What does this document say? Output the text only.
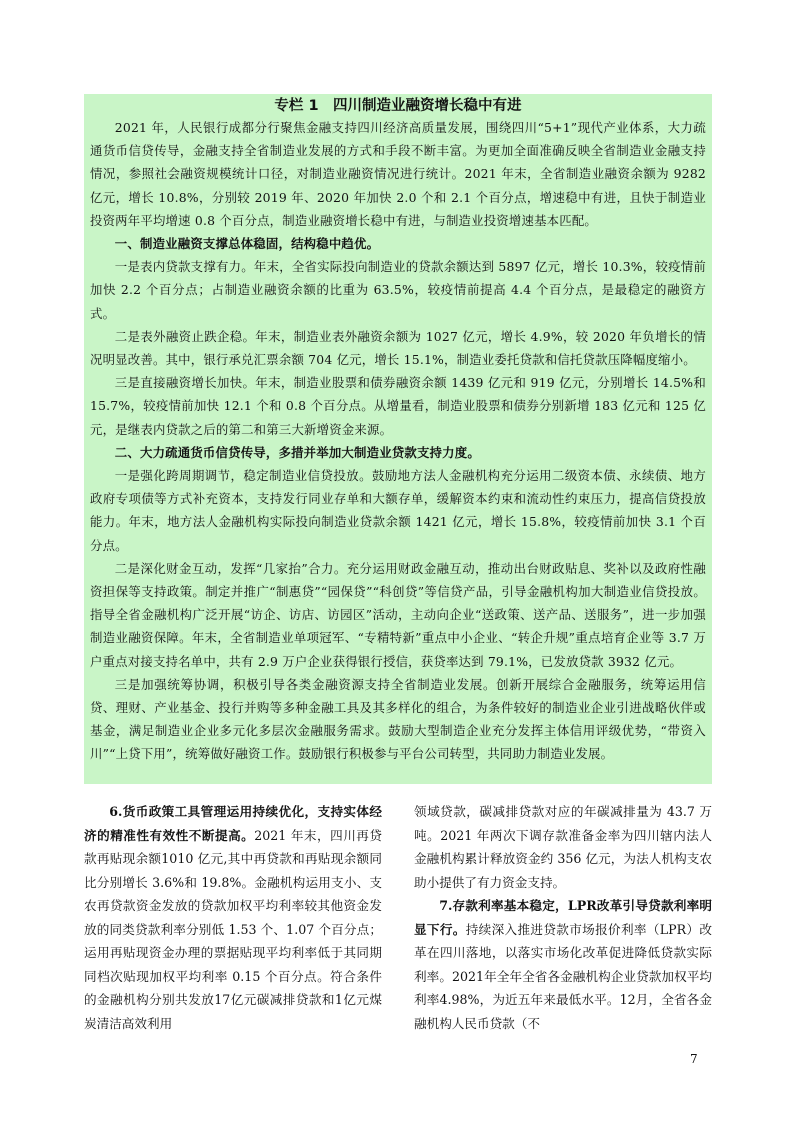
专栏 1　四川制造业融资增长稳中有进

2021 年，人民银行成都分行聚焦金融支持四川经济高质量发展，围绕四川“5+1”现代产业体系，大力疏通货币信贷传导，金融支持全省制造业发展的方式和手段不断丰富。为更加全面准确反映全省制造业金融支持情况，参照社会融资规模统计口径，对制造业融资情况进行统计。2021 年末，全省制造业融资余额为 9282 亿元，增长 10.8%，分别较 2019 年、2020 年加快 2.0 个和 2.1 个百分点，增速稳中有进，且快于制造业投资两年平均增速 0.8 个百分点，制造业融资增长稳中有进，与制造业投资增速基本匹配。

一、制造业融资支撑总体稳固，结构稳中趋优。

一是表内贷款支撑有力。年末，全省实际投向制造业的贷款余额达到 5897 亿元，增长 10.3%，较疫情前加快 2.2 个百分点；占制造业融资余额的比重为 63.5%，较疫情前提高 4.4 个百分点，是最稳定的融资方式。

二是表外融资止跌企稳。年末，制造业表外融资余额为 1027 亿元，增长 4.9%，较 2020 年负增长的情况明显改善。其中，银行承兑汇票余额 704 亿元，增长 15.1%，制造业委托贷款和信托贷款压降幅度缩小。

三是直接融资增长加快。年末，制造业股票和债券融资余额 1439 亿元和 919 亿元，分别增长 14.5%和 15.7%，较疫情前加快 12.1 个和 0.8 个百分点。从增量看，制造业股票和债券分别新增 183 亿元和 125 亿元，是继表内贷款之后的第二和第三大新增资金来源。

二、大力疏通货币信贷传导，多措并举加大制造业贷款支持力度。

一是强化跨周期调节，稳定制造业信贷投放。鼓励地方法人金融机构充分运用二级资本债、永续债、地方政府专项债等方式补充资本，支持发行同业存单和大额存单，缓解资本约束和流动性约束压力，提高信贷投放能力。年末，地方法人金融机构实际投向制造业贷款余额 1421 亿元，增长 15.8%，较疫情前加快 3.1 个百分点。

二是深化财金互动，发挥“几家抬”合力。充分运用财政金融互动，推动出台财政贴息、奖补以及政府性融资担保等支持政策。制定并推广“制惠贷”“园保贷”“科创贷”等信贷产品，引导金融机构加大制造业信贷投放。指导全省金融机构广泛开展“访企、访店、访园区”活动，主动向企业“送政策、送产品、送服务”，进一步加强制造业融资保障。年末，全省制造业单项冠军、“专精特新”重点中小企业、“转企升规”重点培育企业等 3.7 万户重点对接支持名单中，共有 2.9 万户企业获得银行授信，获贷率达到 79.1%，已发放贷款 3932 亿元。

三是加强统筹协调，积极引导各类金融资源支持全省制造业发展。创新开展综合金融服务，统筹运用信贷、理财、产业基金、投行并购等多种金融工具及其多样化的组合，为条件较好的制造业企业引进战略伙伴或基金，满足制造业企业多元化多层次金融服务需求。鼓励大型制造企业充分发挥主体信用评级优势，“带资入川”“上贷下用”，统筹做好融资工作。鼓励银行积极参与平台公司转型，共同助力制造业发展。

6.货币政策工具管理运用持续优化，支持实体经济的精准性有效性不断提高。2021 年末，四川再贷款再贴现余额1010 亿元,其中再贷款和再贴现余额同比分别增长 3.6%和 19.8%。金融机构运用支小、支农再贷款资金发放的贷款加权平均利率较其他资金发放的同类贷款利率分别低 1.53 个、1.07 个百分点；运用再贴现资金办理的票据贴现平均利率低于其同期同档次贴现加权平均利率 0.15 个百分点。符合条件的金融机构分别共发放17亿元碳减排贷款和1亿元煤炭清洁高效利用

领域贷款，碳减排贷款对应的年碳减排量为 43.7 万吨。2021 年两次下调存款准备金率为四川辖内法人金融机构累计释放资金约 356 亿元，为法人机构支农助小提供了有力资金支持。

7.存款利率基本稳定，LPR改革引导贷款利率明显下行。持续深入推进贷款市场报价利率（LPR）改革在四川落地，以落实市场化改革促进降低贷款实际利率。2021年全年全省各金融机构企业贷款加权平均利率4.98%，为近五年来最低水平。12月，全省各金融机构人民币贷款（不

7
